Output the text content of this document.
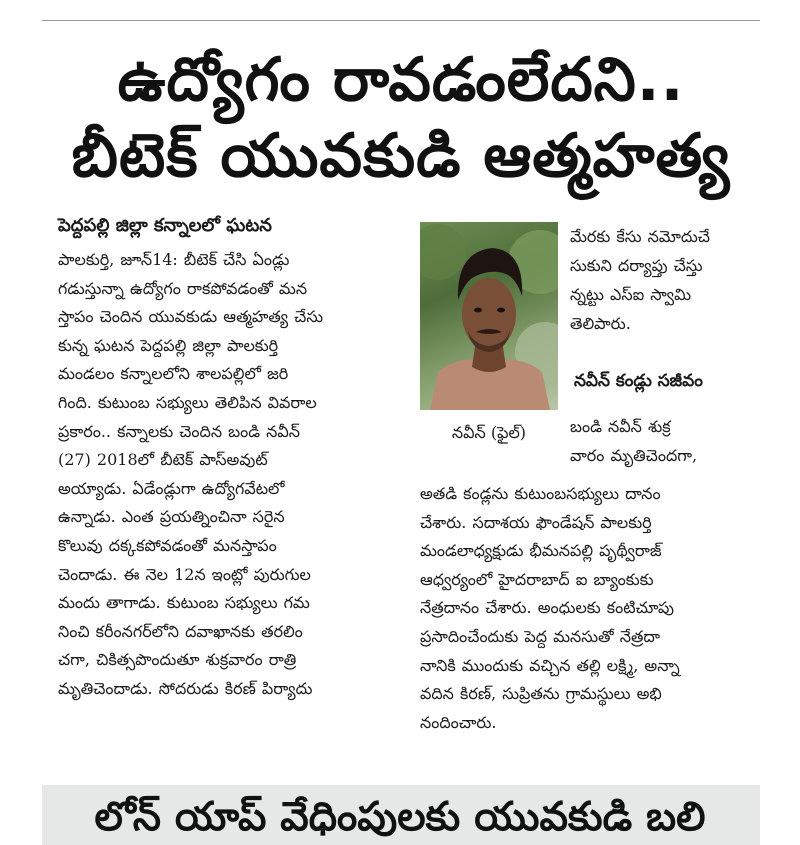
ఉద్యోగం రావడంలేదని..
బీటెక్ యువకుడి ఆత్మహత్య
పెద్దపల్లి జిల్లా కన్నాలలో ఘటన
పాలకుర్తి, జూన్14: బీటెక్ చేసి ఏండ్లు
గడుస్తున్నా ఉద్యోగం రాకపోవడంతో మన
స్తాపం చెందిన యువకుడు ఆత్మహత్య చేసు
కున్న ఘటన పెద్దపల్లి జిల్లా పాలకుర్తి
మండలం కన్నాలలోని శాలపల్లిలో జరి
గింది. కుటుంబ సభ్యులు తెలిపిన వివరాల
ప్రకారం.. కన్నాలకు చెందిన బండి నవీన్
(27) 2018లో బీటెక్ పాస్‌అవుట్
అయ్యాడు. ఏడేండ్లుగా ఉద్యోగవేటలో
ఉన్నాడు. ఎంత ప్రయత్నించినా సరైన
కొలువు దక్కకపోవడంతో మనస్తాపం
చెందాడు. ఈ నెల 12న ఇంట్లో పురుగుల
మందు తాగాడు. కుటుంబ సభ్యులు గమ
నించి కరీంనగర్‌లోని దవాఖానకు తరలిం
చగా, చికిత్సపొందుతూ శుక్రవారం రాత్రి
మృతిచెందాడు. సోదరుడు కిరణ్ పిర్యాదు
నవీన్ (ఫైల్)
మేరకు కేసు నమోదుచే
సుకుని దర్యాప్తు చేస్తు
న్నట్టు ఎస్ఐ స్వామి
తెలిపారు.
నవీన్ కండ్లు సజీవం
బండి నవీన్ శుక్ర
వారం మృతిచెందగా,
అతడి కండ్లను కుటుంబసభ్యులు దానం
చేశారు. సదాశయ ఫౌండేషన్ పాలకుర్తి
మండలాధ్యక్షుడు భీమనపల్లి పృథ్వీరాజ్
ఆధ్వర్యంలో హైదరాబాద్ ఐ బ్యాంకుకు
నేత్రదానం చేశారు. అంధులకు కంటిచూపు
ప్రసాదించేందుకు పెద్ద మనసుతో నేత్రదా
నానికి ముందుకు వచ్చిన తల్లి లక్ష్మి, అన్నా
వదిన కిరణ్, సుప్రితను గ్రామస్థులు అభి
నందించారు.
లోన్ యాప్ వేధింపులకు యువకుడి బలి
